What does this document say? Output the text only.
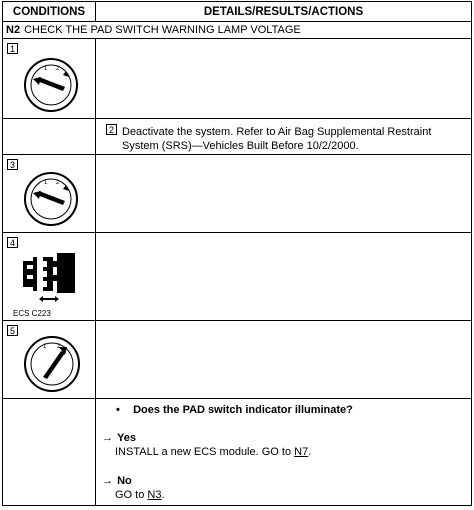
CONDITIONS	DETAILS/RESULTS/ACTIONS
N2 CHECK THE PAD SWITCH WARNING LAMP VOLTAGE
1
1 2
2 Deactivate the system. Refer to Air Bag Supplemental Restraint System (SRS)—Vehicles Built Before 10/2/2000.
3
1 2
4
ECS C223
5
1 2
• Does the PAD switch indicator illuminate?
→ Yes
INSTALL a new ECS module. GO to N7.
→ No
GO to N3.
